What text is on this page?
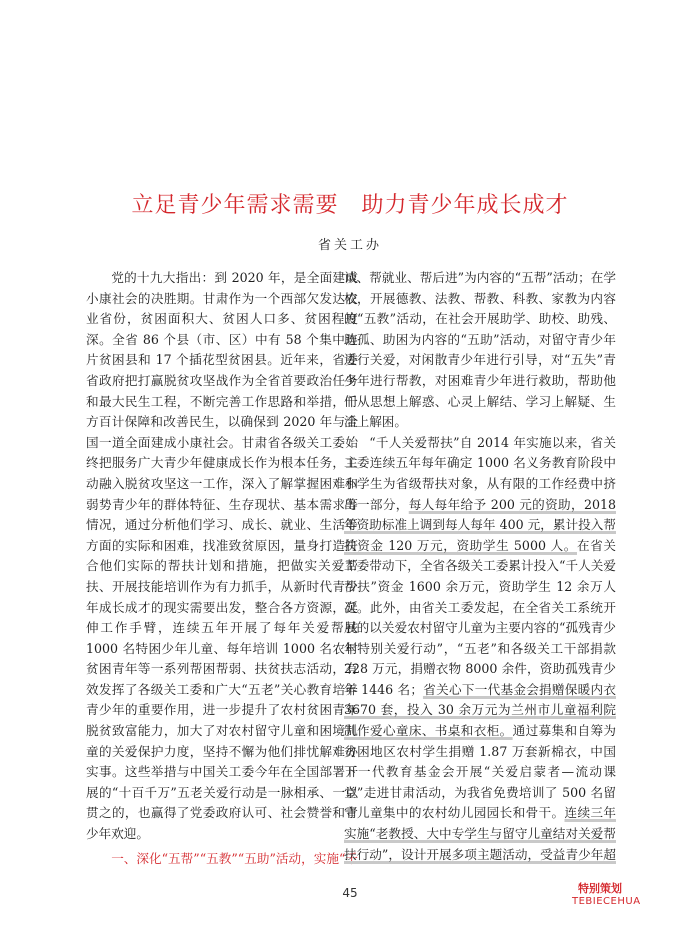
立足青少年需求需要　助力青少年成长成才
省关工办

党的十九大指出：到 2020 年，是全面建成小康社会的决胜期。甘肃作为一个西部欠发达农业省份，贫困面积大、贫困人口多、贫困程度深。全省 86 个县（市、区）中有 58 个集中连片贫困县和 17 个插花型贫困县。近年来，省委省政府把打赢脱贫攻坚战作为全省首要政治任务和最大民生工程，不断完善工作思路和举措，千方百计保障和改善民生，以确保到 2020 年与全国一道全面建成小康社会。甘肃省各级关工委始终把服务广大青少年健康成长作为根本任务，主动融入脱贫攻坚这一工作，深入了解掌握困难和弱势青少年的群体特征、生存现状、基本需求等情况，通过分析他们学习、成长、就业、生活等方面的实际和困难，找准致贫原因，量身打造符合他们实际的帮扶计划和措施，把做实关爱帮扶、开展技能培训作为有力抓手，从新时代青少年成长成才的现实需要出发，整合各方资源，延伸工作手臂，连续五年开展了每年关爱帮扶 1000 名特困少年儿童、每年培训 1000 名农村贫困青年等一系列帮困帮弱、扶贫扶志活动，有效发挥了各级关工委和广大“五老”关心教育培养青少年的重要作用，进一步提升了农村贫困青年脱贫致富能力，加大了对农村留守儿童和困境儿童的关爱保护力度，坚持不懈为他们排忧解难办实事。这些举措与中国关工委今年在全国部署开展的“十百千万”五老关爱行动是一脉相承、一以贯之的，也赢得了党委政府认可、社会赞誉和青少年欢迎。

一、深化“五帮”“五教”“五助”活动，实施“千

读、帮就业、帮后进”为内容的“五帮”活动；在学校，开展德教、法教、帮教、科教、家教为内容的“五教”活动，在社会开展助学、助校、助残、助孤、助困为内容的“五助”活动，对留守青少年进行关爱，对闲散青少年进行引导，对“五失”青少年进行帮教，对困难青少年进行救助，帮助他们从思想上解惑、心灵上解结、学习上解疑、生活上解困。

“千人关爱帮扶”自 2014 年实施以来，省关工委连续五年每年确定 1000 名义务教育阶段中小学生为省级帮扶对象，从有限的工作经费中挤出一部分，每人每年给予 200 元的资助，2018 年资助标准上调到每人每年 400 元，累计投入帮扶资金 120 万元，资助学生 5000 人。在省关工委带动下，全省各级关工委累计投入“千人关爱帮扶”资金 1600 余万元，资助学生 12 余万人次。此外，由省关工委发起，在全省关工系统开展的以关爱农村留守儿童为主要内容的“孤残青少年特别关爱行动”，“五老”和各级关工干部捐款 228 万元，捐赠衣物 8000 余件，资助孤残青少年 1446 名；省关心下一代基金会捐赠保暖内衣 3670 套，投入 30 余万元为兰州市儿童福利院制作爱心童床、书桌和衣柜。通过募集和自筹为贫困地区农村学生捐赠 1.87 万套新棉衣，中国下一代教育基金会开展“关爱启蒙者—流动课堂”走进甘肃活动，为我省免费培训了 500 名留守儿童集中的农村幼儿园园长和骨干。连续三年实施“老教授、大中专学生与留守儿童结对关爱帮扶行动”，设计开展多项主题活动，受益青少年超

45	特别策划
TEBIECEHUA
